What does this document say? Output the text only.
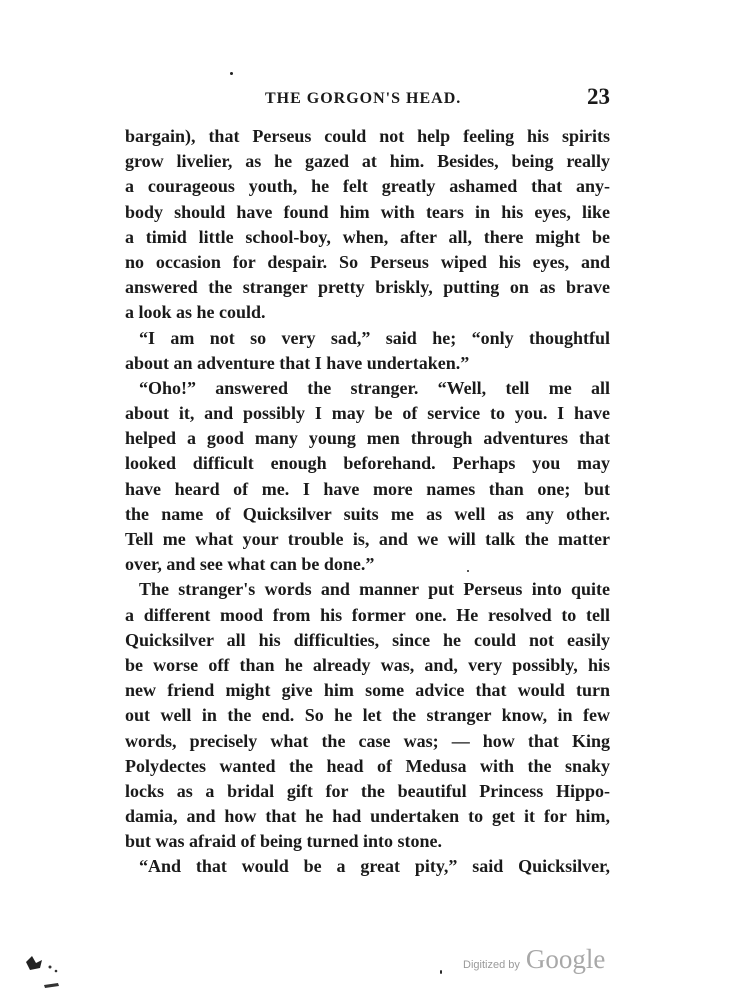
THE GORGON'S HEAD.	23
bargain), that Perseus could not help feeling his spirits
grow livelier, as he gazed at him. Besides, being really
a courageous youth, he felt greatly ashamed that any-
body should have found him with tears in his eyes, like
a timid little school-boy, when, after all, there might be
no occasion for despair. So Perseus wiped his eyes, and
answered the stranger pretty briskly, putting on as brave
a look as he could.
“I am not so very sad,” said he; “only thoughtful
about an adventure that I have undertaken.”
“Oho!” answered the stranger. “Well, tell me all
about it, and possibly I may be of service to you. I have
helped a good many young men through adventures that
looked difficult enough beforehand. Perhaps you may
have heard of me. I have more names than one; but
the name of Quicksilver suits me as well as any other.
Tell me what your trouble is, and we will talk the matter
over, and see what can be done.”
The stranger's words and manner put Perseus into quite
a different mood from his former one. He resolved to tell
Quicksilver all his difficulties, since he could not easily
be worse off than he already was, and, very possibly, his
new friend might give him some advice that would turn
out well in the end. So he let the stranger know, in few
words, precisely what the case was; — how that King
Polydectes wanted the head of Medusa with the snaky
locks as a bridal gift for the beautiful Princess Hippo-
damia, and how that he had undertaken to get it for him,
but was afraid of being turned into stone.
“And that would be a great pity,” said Quicksilver,
Digitized by Google
